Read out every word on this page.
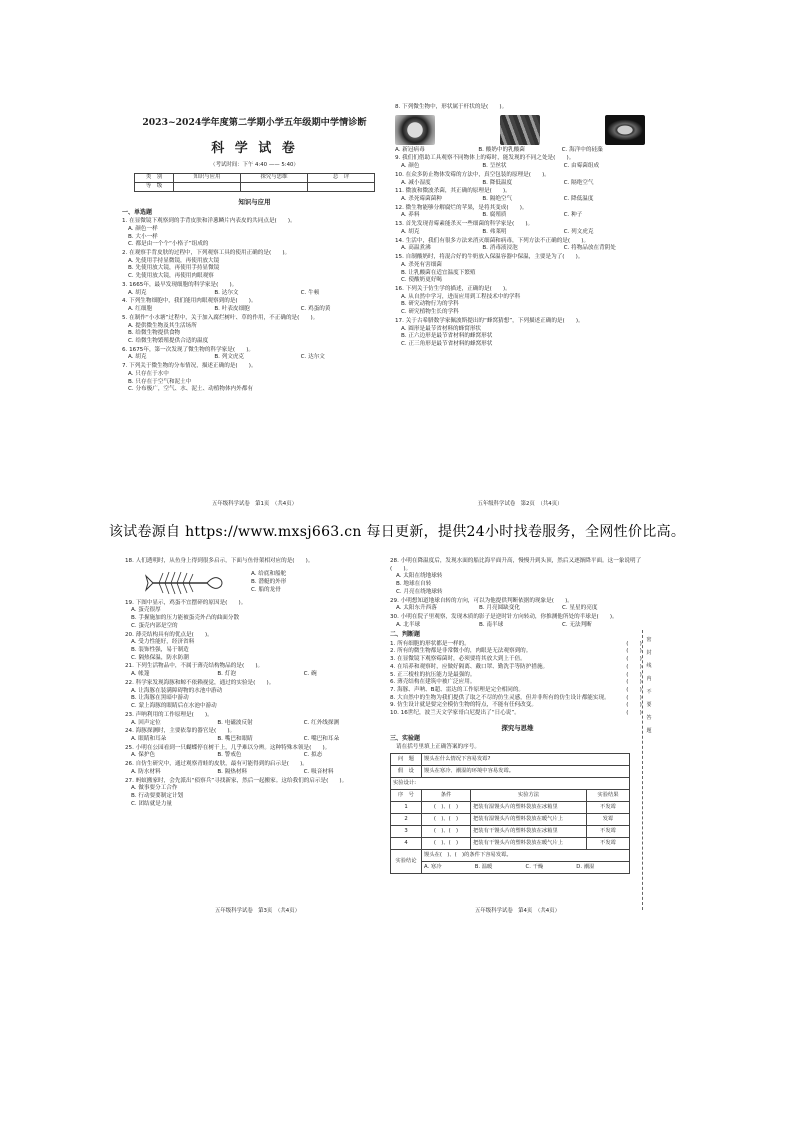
2023~2024学年度第二学期小学五年级期中学情诊断
科 学 试 卷
（考试时间：下午 4:40 —— 5:40）
类　别	知识与应用	探究与思维	总　评
等　级			
知识与应用
一、单选题
1. 在显微镜下观察到的手背皮肤和洋葱鳞片内表皮的共同点是(　　)。
A. 颜色一样
B. 大小一样
C. 都是由一个个“小格子”组成的
2. 在观察手背皮肤的过程中，下列观察工具的使用正确的是(　　)。
A. 先使用手持显微镜，再使用放大镜
B. 先使用放大镜，再使用手持显微镜
C. 先使用放大镜，再使用肉眼观察
3. 1665年，最早发现细胞的科学家是(　　)。
A. 胡克	B. 达尔文	C. 牛顿
4. 下列生物细胞中，我们能用肉眼观察到的是(　　)。
A. 红细胞	B. 叶表皮细胞	C. 鸡蛋的黄
5. 在制作“小水塘”过程中，关于加入腐烂树叶、草的作用，不正确的是(　　)。
A. 提供微生物及其生活场所
B. 给微生物提供食物
C. 给微生物繁殖提供合适的温度
6. 1675年，第一次发现了微生物的科学家是(　　)。
A. 胡克	B. 列文虎克	C. 达尔文
7. 下列关于微生物的分布情况，描述正确的是(　　)。
A. 只存在于水中
B. 只存在于空气和泥土中
C. 分布极广，空气、水、泥土、动植物体内外都有
五年级科学试卷　第1页　（共4页）
8. 下列微生物中，形状属于杆状的是(　　)。
A. 新冠病毒	B. 酸奶中的乳酸菌	C. 海洋中的硅藻
9. 我们们借助工具观察不同物体上的霉时，能发现的不同之处是(　　)。
A. 颜色	B. 呈丝状	C. 由霉菌组成
10. 在众多防止物体发霉的方法中，真空包装的原理是(　　)。
A. 减小湿度	B. 降低温度	C. 隔绝空气
11. 微波和微波杀菌，其正确的原理是(　　)。
A. 杀死霉菌菌种	B. 隔绝空气	C. 降低温度
12. 微生物能够分解腐烂的苹果，是将其变成(　　)。
A. 养料	B. 腐殖质	C. 种子
13. 首先发现青霉素能杀灭一些细菌的科学家是(　　)。
A. 胡克	B. 弗莱明	C. 列文虎克
14. 生活中，我们有很多方法来消灭细菌和病毒，下列方法不正确的是(　　)。
A. 高温煮沸	B. 消毒液浸泡	C. 将物品放在背阴处
15. 自制酸奶时，将混合好的牛奶放入保温容器中保温，主要是为了(　　)。
A. 杀死有害细菌
B. 让乳酸菌在适宜温度下繁殖
C. 使酸奶更好喝
16. 下列关于仿生学的描述，正确的是(　　)。
A. 从自然中学习，进而应用到工程技术中的学科
B. 研究动物行为的学科
C. 研究植物生长的学科
17. 关于古希腊数学家佩波斯提出的“蜂窝猜想”，下列描述正确的是(　　)。
A. 圆形是最节省材料的蜂窝形状
B. 正六边形是最节省材料的蜂窝形状
C. 正三角形是最节省材料的蜂窝形状
五年级科学试卷　第2页　（共4页）
该试卷源自 https://www.mxsj663.cn 每日更新，提供24小时找卷服务，全网性价比高。
18. 人们透明时，从鱼身上得到很多启示，下面与鱼骨架相对应的是(　　)。
A. 给底和船舵
B. 潜艇的外形
C. 船的龙骨
19. 下图中显示，鸡蛋不宜摆碎的原因是(　　)。
A. 蛋壳很厚
B. 手握施加的压力能被蛋壳外凸的曲面分散
C. 蛋壳内部是空的
20. 薄壳结构具有的优点是(　　)。
A. 受力性能好，经济省料
B. 装饰性强，易于制造
C. 隔热保温，防水防潮
21. 下列生活物品中，不属于薄壳结构物品的是(　　)。
A. 帐篷	B. 灯泡	C. 碗
22. 科学家发现海豚和鲸不依赖视觉，通过的实验是(　　)。
A. 让海豚在装满障碍物的水池中游动
B. 让海豚在黑暗中游动
C. 蒙上海豚的眼睛后在水池中游动
23. 声呐利用的工作原理是(　　)。
A. 回声定位	B. 电磁波反射	C. 红外线探测
24. 海豚探测时，主要依靠的器官是(　　)。
A. 眼睛和耳朵	B. 嘴巴和眼睛	C. 嘴巴和耳朵
25. 小明在公园看到一只蝴蝶停在树干上，几乎难以分辨。这种特殊本领是(　　)。
A. 保护色	B. 警戒色	C. 拟态
26. 自仿生研究中，通过观察青蛙的皮肤，最有可能得到的启示是(　　)。
A. 防水材料	B. 隔热材料	C. 吸音材料
27. 蚂蚁搬家时，会先派出“侦察兵”寻找新家，然后一起搬家。这给我们的启示是(　　)。
A. 做事要分工合作
B. 行动要要制定计划
C. 团结就是力量
五年级科学试卷　第3页　（共4页）
28. 小明在降温度后，发现水面的船比海平面升高，慢慢升到头顶，然后又逐渐降平面。这一象说明了(　　)。
A. 太阳在绕地球转
B. 地球在自转
C. 月亮在绕地球转
29. 小明想知道地球自转的方向，可以为他提供判断依据的现象是(　　)。
A. 太阳东升西落	B. 月亮圆缺变化	C. 星星的亮度
30. 小明在院子里观察，发现木质的影子是逆时针方向转动，你推测他所处的半球是(　　)。
A. 北半球	B. 南半球	C. 无法判断
二、判断题
1. 所有细胞的形状都是一样的。	(　　)
2. 所有的微生物都是非常微小的，肉眼是无法观察到的。	(　　)
3. 在显微镜下观察霉菌时，必须要将其放大到上千倍。	(　　)
4. 在培养和观察时，应做好隔离、戴口罩、勤洗手等防护措施。	(　　)
5. 正三棱柱的抗压能力是最强的。	(　　)
6. 薄壳结构在建筑中被广泛应用。	(　　)
7. 海豚、声呐、B超、雷达的工作原理是完全相同的。	(　　)
8. 大自然中的生物为我们提供了取之不尽的仿生灵感，但并非所有的仿生设计都能实现。	(　　)
9. 仿生设计就是要完全模仿生物的特点，不能有任何改变。	(　　)
10. 16世纪，波兰天文学家哥白尼提出了“日心说”。	(　　)
探究与思维
三、实验题
请在括号里填上正确答案的序号。
问　题	馒头在什么情况下容易发霉?		
假　设	馒头在寒冷、潮湿的环境中容易发霉。		
实验设计:			
序　号	条件	实验方法	实验结果
1	(　)、(　)	把装有湿馒头片的塑料袋放在冰箱里	不发霉
2	(　)、(　)	把装有湿馒头片的塑料袋放在暖气片上	发霉
3	(　)、(　)	把装有干馒头片的塑料袋放在冰箱里	不发霉
4	(　)、(　)	把装有干馒头片的塑料袋放在暖气片上	不发霉
实验结论	馒头在(　)、(　)的条件下容易发霉。		

	A. 寒冷 B. 温暖 C. 干燥 D. 潮湿		
五年级科学试卷　第4页　（共4页）
密
封
线
内
不
要
答
题
